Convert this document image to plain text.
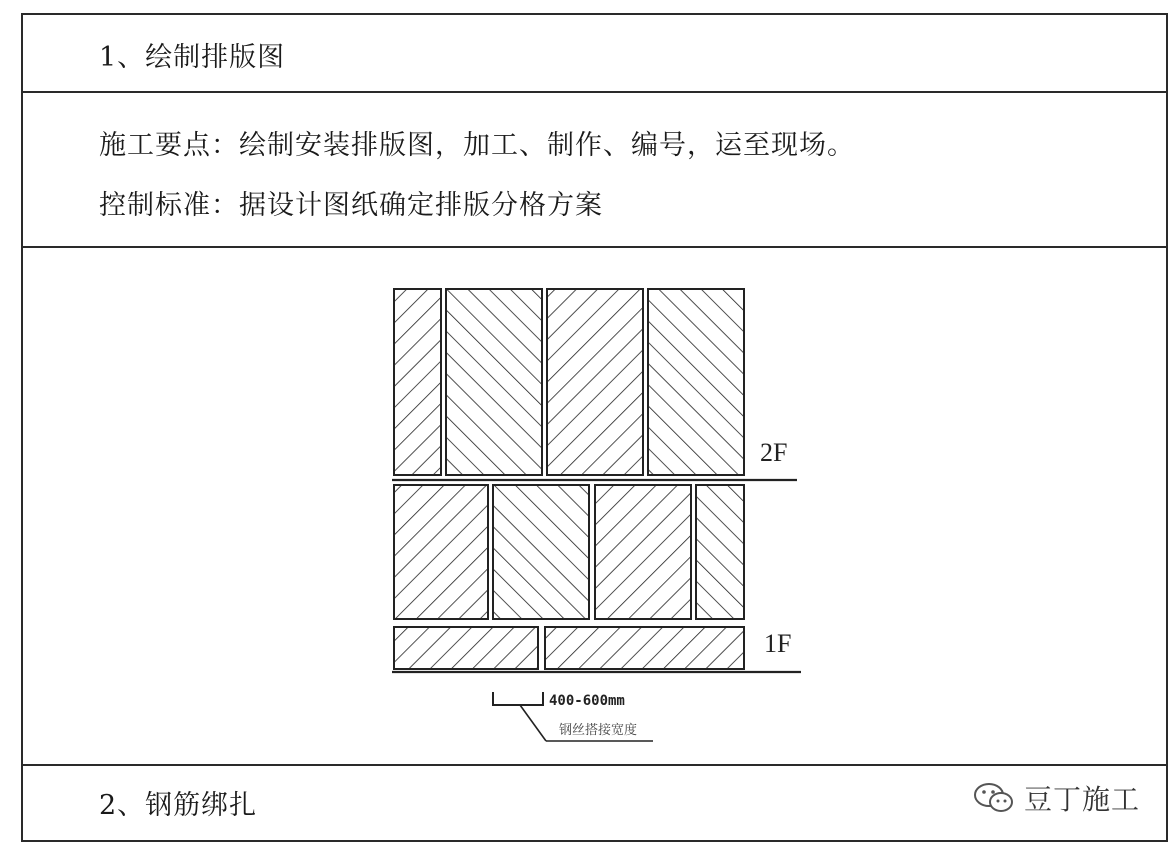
1、绘制排版图
施工要点：绘制安装排版图，加工、制作、编号，运至现场。
控制标准：据设计图纸确定排版分格方案
2F
1F
400-600mm
钢丝搭接宽度
2、钢筋绑扎	豆丁施工
